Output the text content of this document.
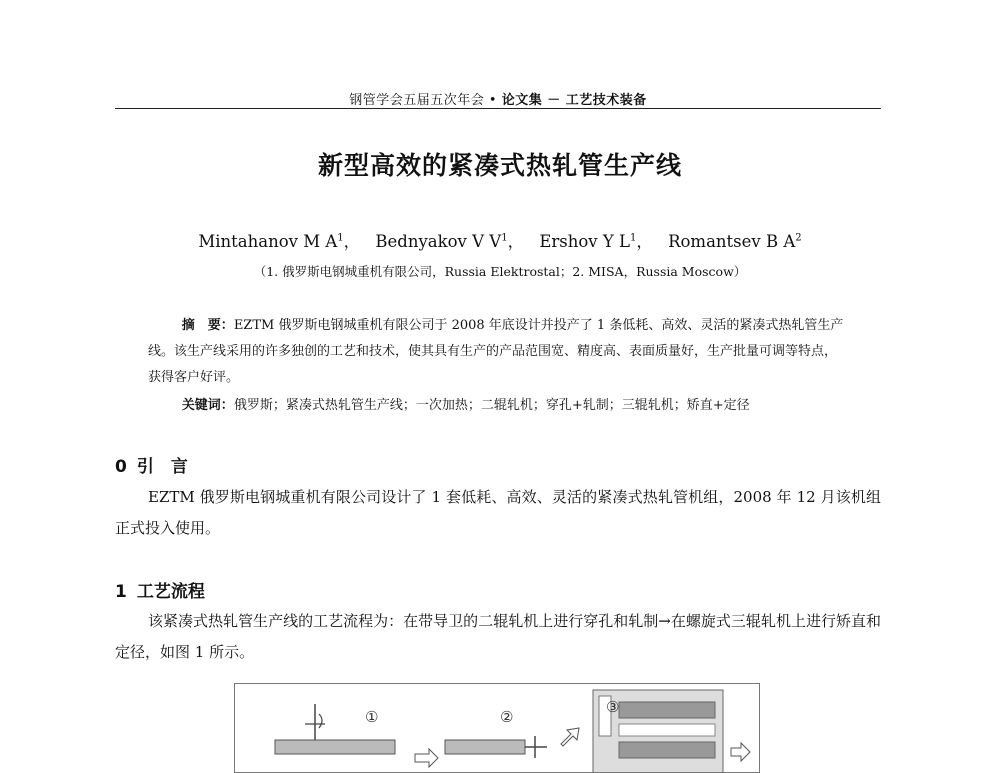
钢管学会五届五次年会 • 论文集 － 工艺技术装备
新型高效的紧凑式热轧管生产线
Mintahanov M $A^1$， Bednyakov V $V^1$， Ershov Y $L^1$， Romantsev B $A^2$
（1. 俄罗斯电钢城重机有限公司，Russia Elektrostal；2. MISA，Russia Moscow）
摘　要：EZTM 俄罗斯电钢城重机有限公司于 2008 年底设计并投产了 1 条低耗、高效、灵活的紧凑式热轧管生产线。该生产线采用的许多独创的工艺和技术，使其具有生产的产品范围宽、精度高、表面质量好，生产批量可调等特点，获得客户好评。
关键词：俄罗斯；紧凑式热轧管生产线；一次加热；二辊轧机；穿孔+轧制；三辊轧机；矫直+定径
0 引　言
EZTM 俄罗斯电钢城重机有限公司设计了 1 套低耗、高效、灵活的紧凑式热轧管机组，2008 年 12 月该机组正式投入使用。
1 工艺流程
该紧凑式热轧管生产线的工艺流程为：在带导卫的二辊轧机上进行穿孔和轧制→在螺旋式三辊轧机上进行矫直和定径，如图 1 所示。
①	②
③
